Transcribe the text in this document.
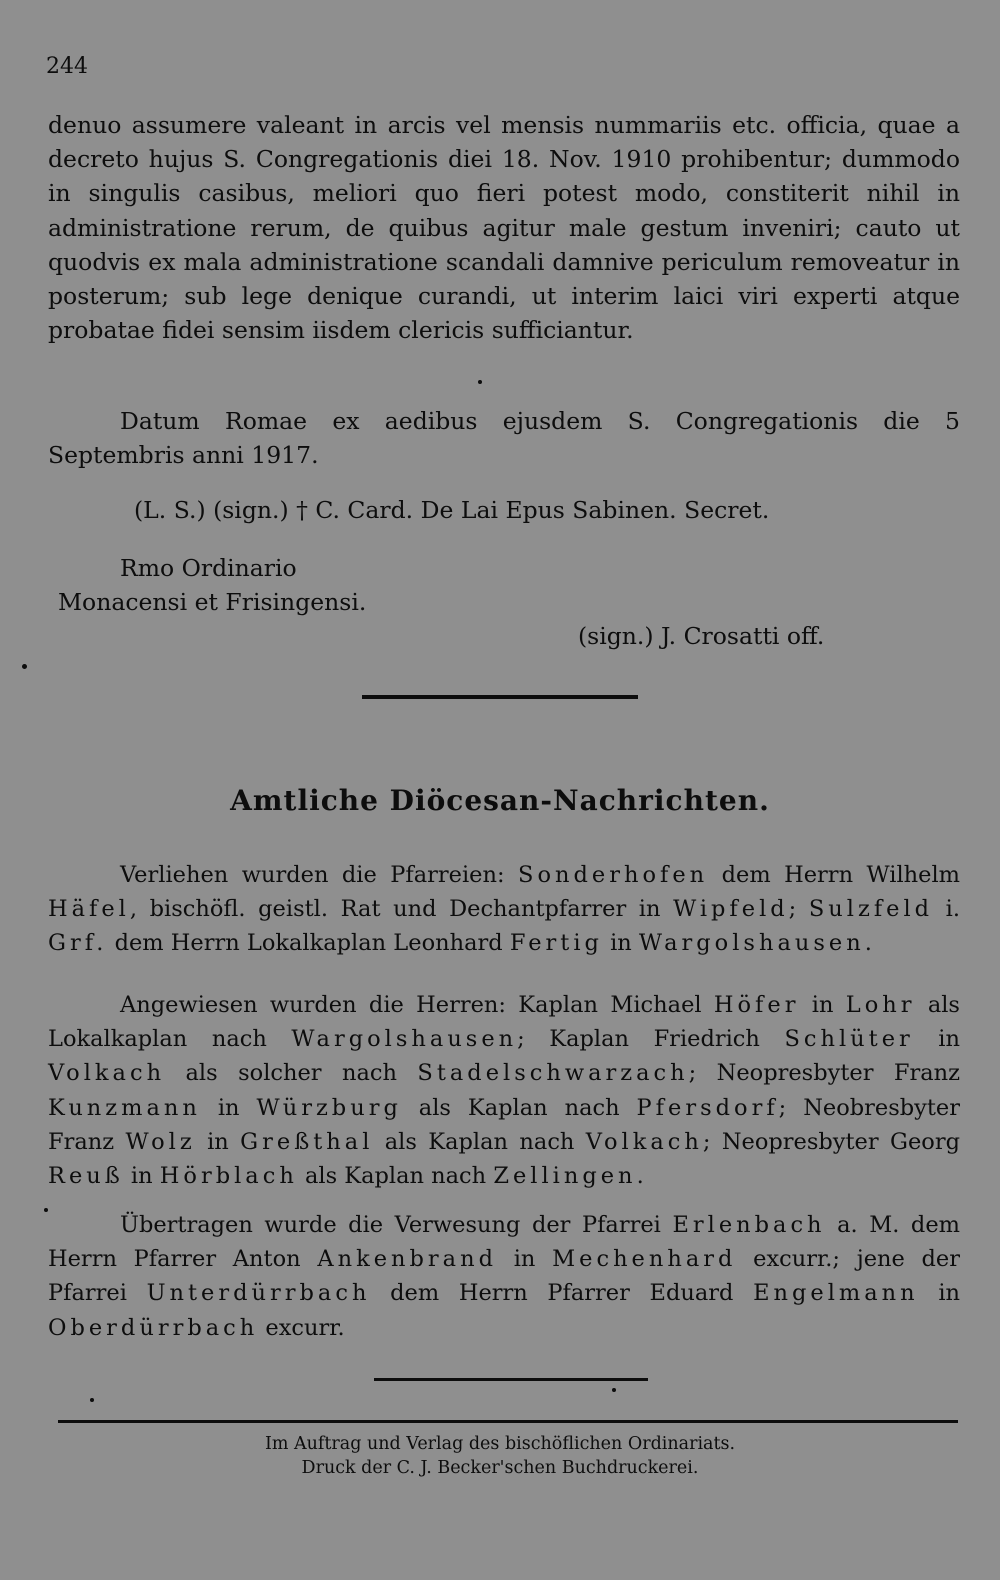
244

denuo assumere valeant in arcis vel mensis nummariis etc. officia, quae a decreto hujus S. Congregationis diei 18. Nov. 1910 prohibentur; dummodo in singulis casibus, meliori quo fieri potest modo, constiterit nihil in administratione rerum, de quibus agitur male gestum inveniri; cauto ut quodvis ex mala administratione scandali damnive periculum removeatur in posterum; sub lege denique curandi, ut interim laici viri experti atque probatae fidei sensim iisdem clericis sufficiantur.

Datum Romae ex aedibus ejusdem S. Congregationis die 5 Septembris anni 1917.

(L. S.) (sign.) † C. Card. De Lai Epus Sabinen. Secret.
Rmo Ordinario
Monacensi et Frisingensi.
(sign.) J. Crosatti off.
Amtliche Diöcesan-Nachrichten.

Verliehen wurden die Pfarreien: Sonderhofen dem Herrn Wilhelm Häfel, bischöfl. geistl. Rat und Dechantpfarrer in Wipfeld; Sulzfeld i. Grf. dem Herrn Lokalkaplan Leonhard Fertig in Wargolshausen.

Angewiesen wurden die Herren: Kaplan Michael Höfer in Lohr als Lokalkaplan nach Wargolshausen; Kaplan Friedrich Schlüter in Volkach als solcher nach Stadelschwarzach; Neopresbyter Franz Kunzmann in Würzburg als Kaplan nach Pfersdorf; Neobresbyter Franz Wolz in Greßthal als Kaplan nach Volkach; Neopresbyter Georg Reuß in Hörblach als Kaplan nach Zellingen.

Übertragen wurde die Verwesung der Pfarrei Erlenbach a. M. dem Herrn Pfarrer Anton Ankenbrand in Mechenhard excurr.; jene der Pfarrei Unterdürrbach dem Herrn Pfarrer Eduard Engelmann in Oberdürrbach excurr.

Im Auftrag und Verlag des bischöflichen Ordinariats.
Druck der C. J. Becker'schen Buchdruckerei.
